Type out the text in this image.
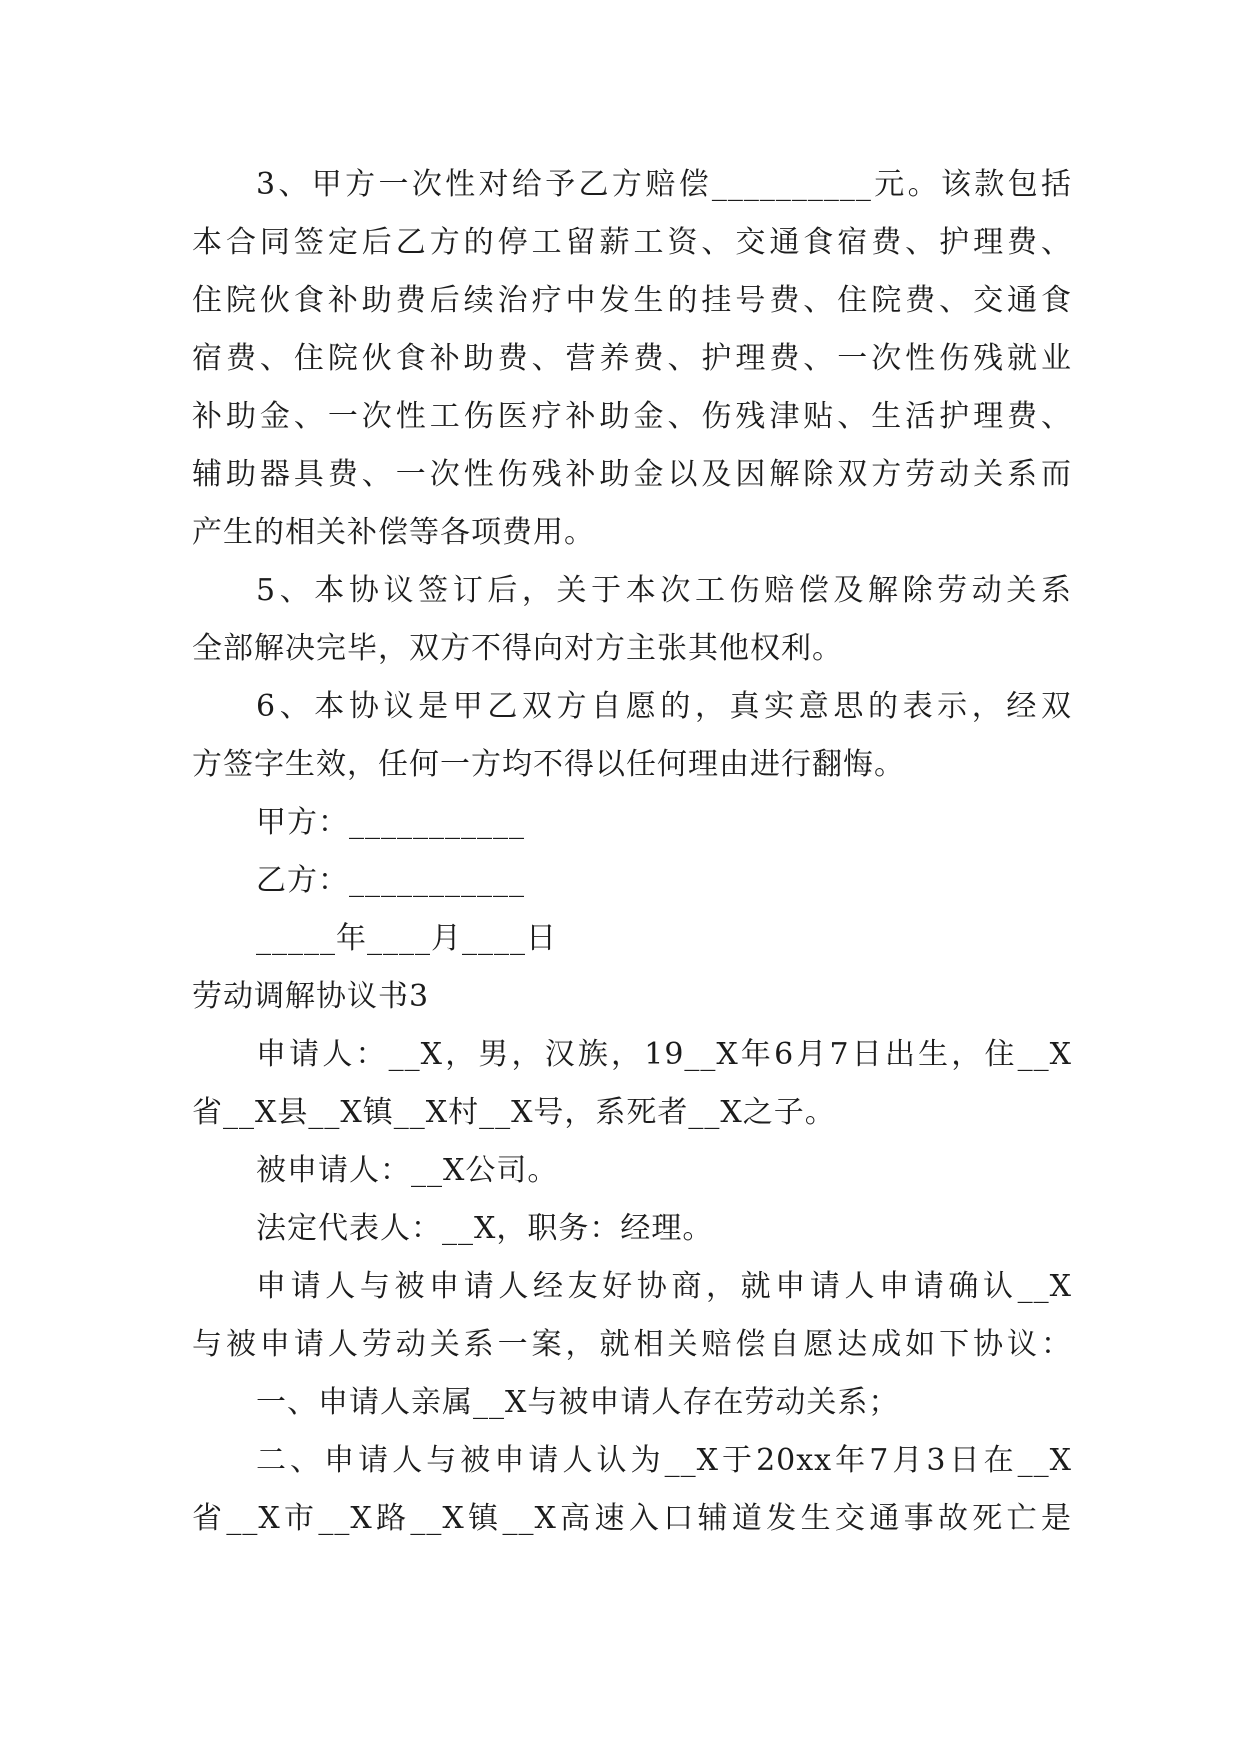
3、甲方一次性对给予乙方赔偿__________元。该款包括
本合同签定后乙方的停工留薪工资、交通食宿费、护理费、
住院伙食补助费后续治疗中发生的挂号费、住院费、交通食
宿费、住院伙食补助费、营养费、护理费、一次性伤残就业
补助金、一次性工伤医疗补助金、伤残津贴、生活护理费、
辅助器具费、一次性伤残补助金以及因解除双方劳动关系而
产生的相关补偿等各项费用。
5、本协议签订后，关于本次工伤赔偿及解除劳动关系
全部解决完毕，双方不得向对方主张其他权利。
6、本协议是甲乙双方自愿的，真实意思的表示，经双
方签字生效，任何一方均不得以任何理由进行翻悔。
甲方：___________
乙方：___________
_____年____月____日
劳动调解协议书3
申请人：__X，男，汉族，19__X年6月7日出生，住__X
省__X县__X镇__X村__X号，系死者__X之子。
被申请人：__X公司。
法定代表人：__X，职务：经理。
申请人与被申请人经友好协商，就申请人申请确认__X
与被申请人劳动关系一案，就相关赔偿自愿达成如下协议：
一、申请人亲属__X与被申请人存在劳动关系；
二、申请人与被申请人认为__X于20xx年7月3日在__X
省__X市__X路__X镇__X高速入口辅道发生交通事故死亡是
